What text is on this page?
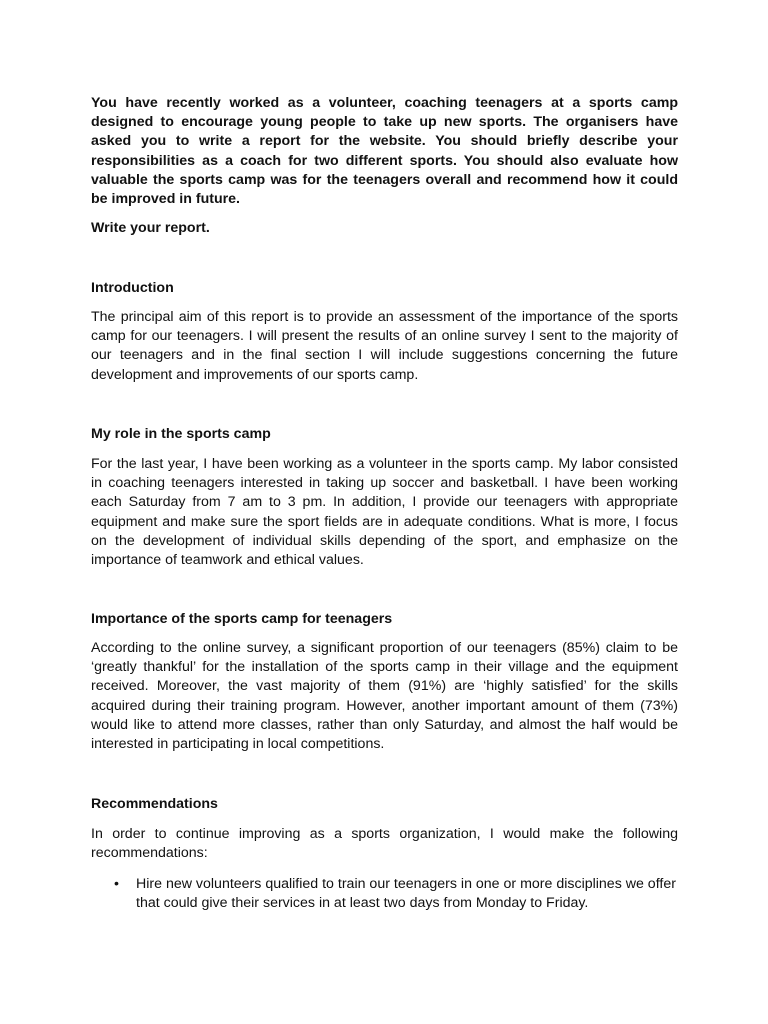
You have recently worked as a volunteer, coaching teenagers at a sports camp designed to encourage young people to take up new sports. The organisers have asked you to write a report for the website. You should briefly describe your responsibilities as a coach for two different sports. You should also evaluate how valuable the sports camp was for the teenagers overall and recommend how it could be improved in future.

Write your report.

Introduction

The principal aim of this report is to provide an assessment of the importance of the sports camp for our teenagers. I will present the results of an online survey I sent to the majority of our teenagers and in the final section I will include suggestions concerning the future development and improvements of our sports camp.

My role in the sports camp

For the last year, I have been working as a volunteer in the sports camp. My labor consisted in coaching teenagers interested in taking up soccer and basketball. I have been working each Saturday from 7 am to 3 pm. In addition, I provide our teenagers with appropriate equipment and make sure the sport fields are in adequate conditions. What is more, I focus on the development of individual skills depending of the sport, and emphasize on the importance of teamwork and ethical values.

Importance of the sports camp for teenagers

According to the online survey, a significant proportion of our teenagers (85%) claim to be ‘greatly thankful’ for the installation of the sports camp in their village and the equipment received. Moreover, the vast majority of them (91%) are ‘highly satisfied’ for the skills acquired during their training program. However, another important amount of them (73%) would like to attend more classes, rather than only Saturday, and almost the half would be interested in participating in local competitions.

Recommendations

In order to continue improving as a sports organization, I would make the following recommendations:

• Hire new volunteers qualified to train our teenagers in one or more disciplines we offer that could give their services in at least two days from Monday to Friday.
